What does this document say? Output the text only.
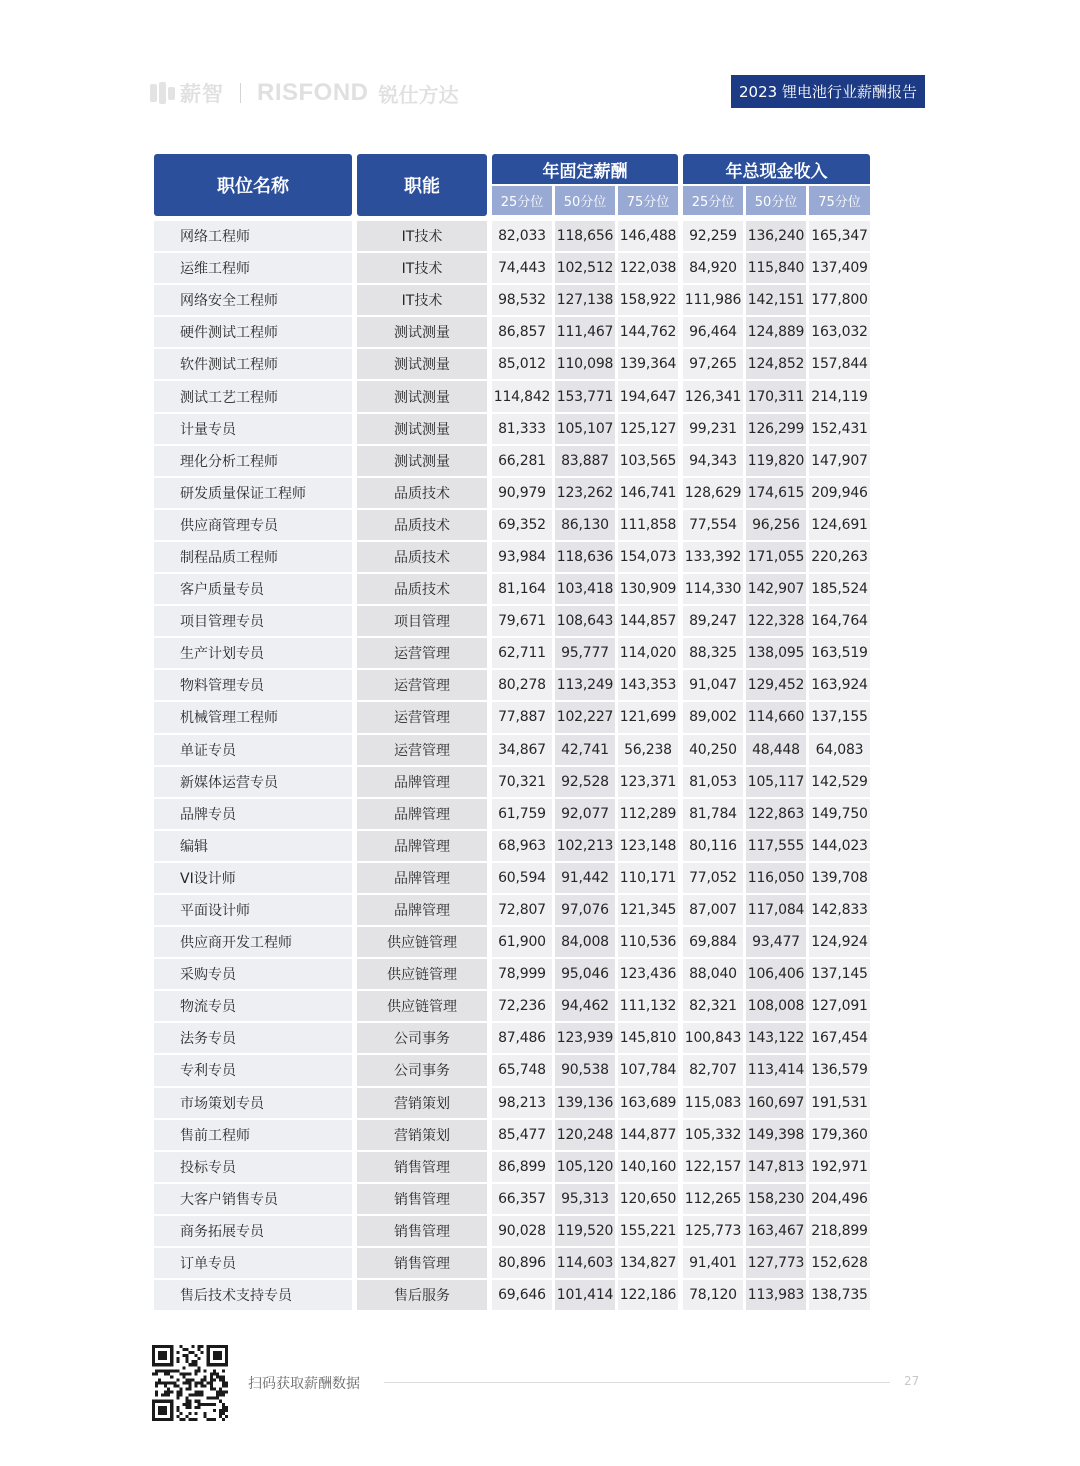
薪智 RISFOND 锐仕方达	2023 锂电池行业薪酬报告
职位名称	职能
年固定薪酬	年总现金收入
25分位	50分位	75分位	25分位	50分位	75分位
网络工程师	IT技术	82,033 118,656 146,488 92,259 136,240 165,347
运维工程师	IT技术	74,443 102,512 122,038 84,920 115,840 137,409
网络安全工程师	IT技术	98,532 127,138 158,922 111,986 142,151 177,800
硬件测试工程师	测试测量	86,857 111,467 144,762 96,464 124,889 163,032
软件测试工程师	测试测量	85,012 110,098 139,364 97,265 124,852 157,844
测试工艺工程师	测试测量	114,842 153,771 194,647 126,341 170,311 214,119
计量专员	测试测量	81,333 105,107 125,127 99,231 126,299 152,431
理化分析工程师	测试测量	66,281	83,887 103,565 94,343 119,820 147,907
研发质量保证工程师	品质技术	90,979 123,262 146,741 128,629 174,615 209,946
供应商管理专员	品质技术	69,352	86,130 111,858 77,554	96,256 124,691
制程品质工程师	品质技术	93,984 118,636 154,073 133,392 171,055 220,263
客户质量专员	品质技术	81,164 103,418 130,909 114,330 142,907 185,524
项目管理专员	项目管理	79,671 108,643 144,857 89,247 122,328 164,764
生产计划专员	运营管理	62,711	95,777 114,020 88,325 138,095 163,519
物料管理专员	运营管理	80,278 113,249 143,353 91,047 129,452 163,924
机械管理工程师	运营管理	77,887 102,227 121,699 89,002 114,660 137,155
单证专员	运营管理	34,867	42,741	56,238	40,250	48,448	64,083
新媒体运营专员	品牌管理	70,321	92,528 123,371 81,053 105,117 142,529
品牌专员	品牌管理	61,759	92,077 112,289 81,784 122,863 149,750
编辑	品牌管理	68,963 102,213 123,148 80,116 117,555 144,023
VI设计师	品牌管理	60,594	91,442 110,171 77,052 116,050 139,708
平面设计师	品牌管理	72,807	97,076 121,345 87,007 117,084 142,833
供应商开发工程师	供应链管理	61,900	84,008 110,536 69,884	93,477 124,924
采购专员	供应链管理	78,999	95,046 123,436 88,040 106,406 137,145
物流专员	供应链管理	72,236	94,462 111,132 82,321 108,008 127,091
法务专员	公司事务	87,486 123,939 145,810 100,843 143,122 167,454
专利专员	公司事务	65,748	90,538 107,784 82,707 113,414 136,579
市场策划专员	营销策划	98,213 139,136 163,689 115,083 160,697 191,531
售前工程师	营销策划	85,477 120,248 144,877 105,332 149,398 179,360
投标专员	销售管理	86,899 105,120 140,160 122,157 147,813 192,971
大客户销售专员	销售管理	66,357	95,313 120,650 112,265 158,230 204,496
商务拓展专员	销售管理	90,028 119,520 155,221 125,773 163,467 218,899
订单专员	销售管理	80,896 114,603 134,827 91,401 127,773 152,628
售后技术支持专员	售后服务	69,646 101,414 122,186 78,120 113,983 138,735
扫码获取薪酬数据	27
